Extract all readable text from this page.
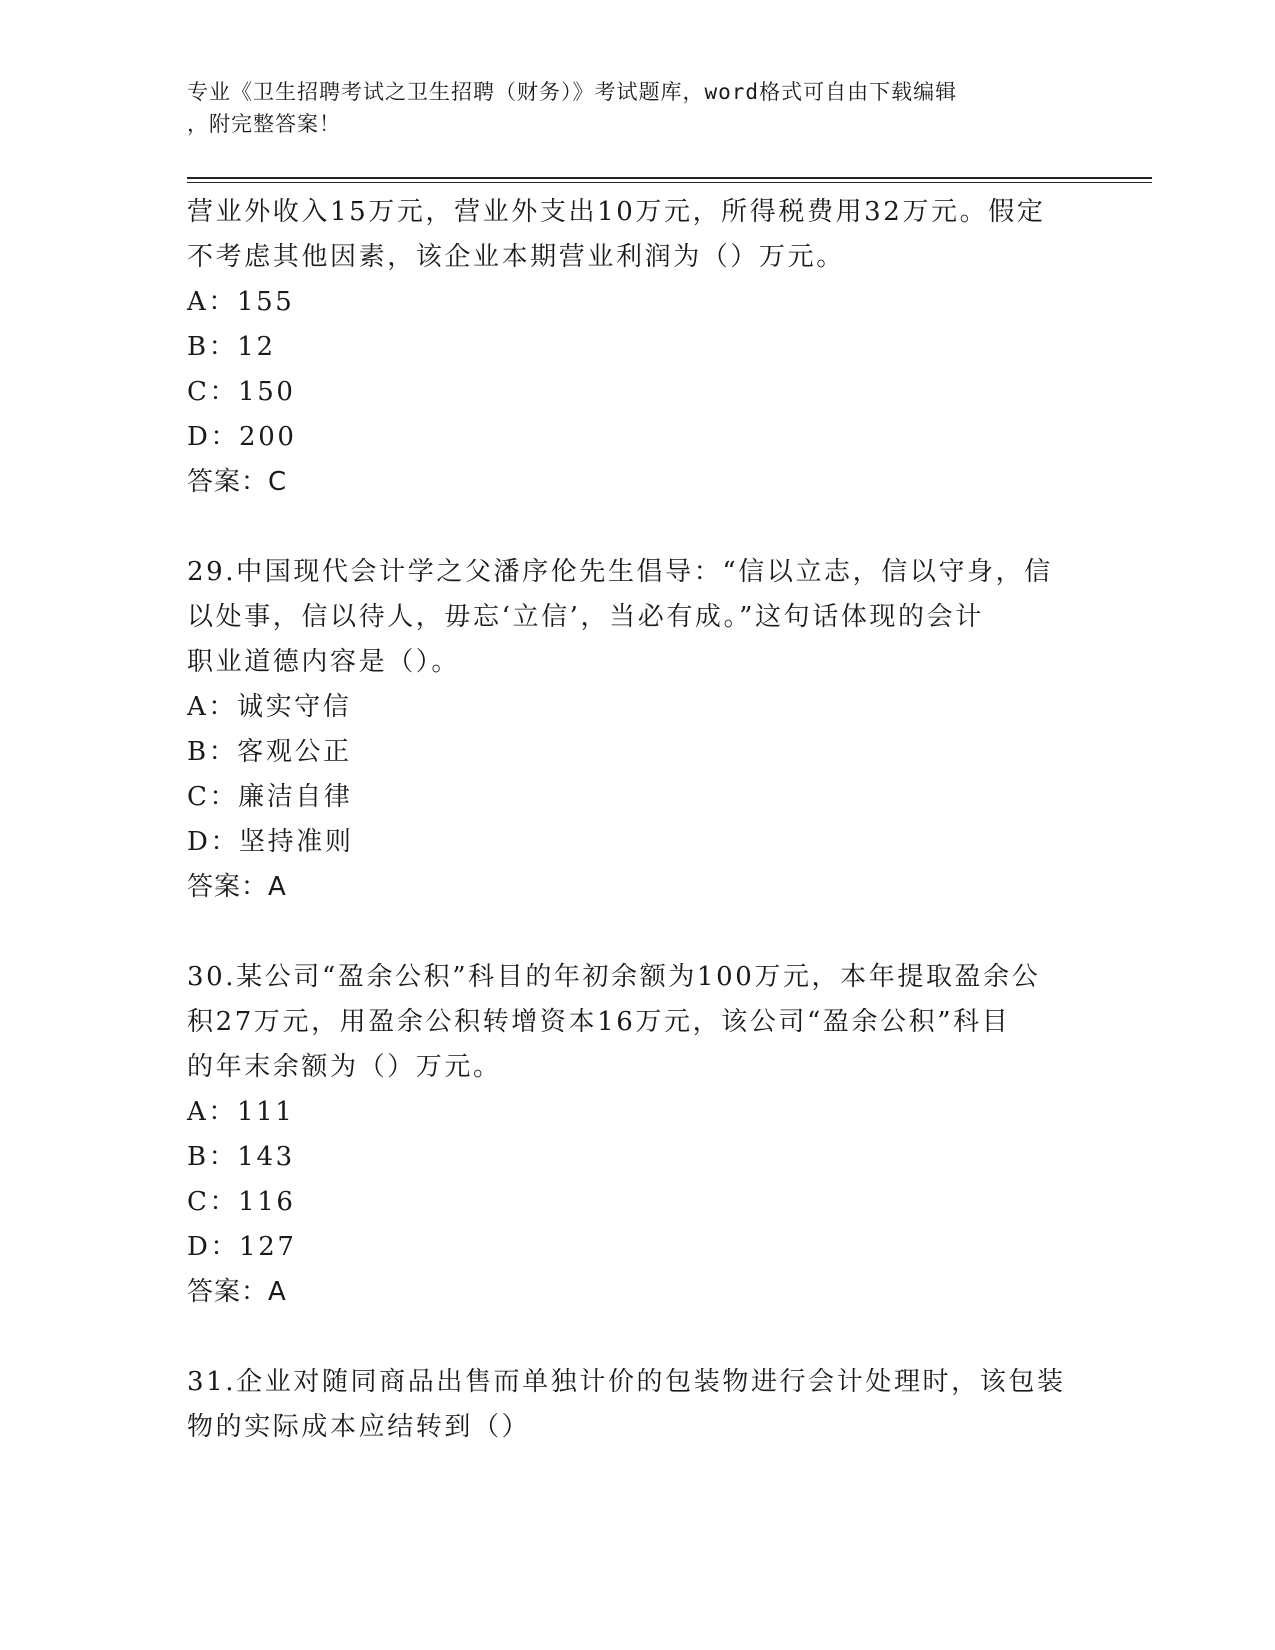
专业《卫生招聘考试之卫生招聘（财务）》考试题库，word格式可自由下载编辑
，附完整答案！
营业外收入15万元，营业外支出10万元，所得税费用32万元。假定
不考虑其他因素，该企业本期营业利润为（）万元。
A：155
B：12
C：150
D：200
答案：C
29.中国现代会计学之父潘序伦先生倡导：“信以立志，信以守身，信
以处事，信以待人，毋忘‘立信’，当必有成。”这句话体现的会计
职业道德内容是（）。
A：诚实守信
B：客观公正
C：廉洁自律
D：坚持准则
答案：A
30.某公司“盈余公积”科目的年初余额为100万元，本年提取盈余公
积27万元，用盈余公积转增资本16万元，该公司“盈余公积”科目
的年末余额为（）万元。
A：111
B：143
C：116
D：127
答案：A
31.企业对随同商品出售而单独计价的包装物进行会计处理时，该包装
物的实际成本应结转到（）
